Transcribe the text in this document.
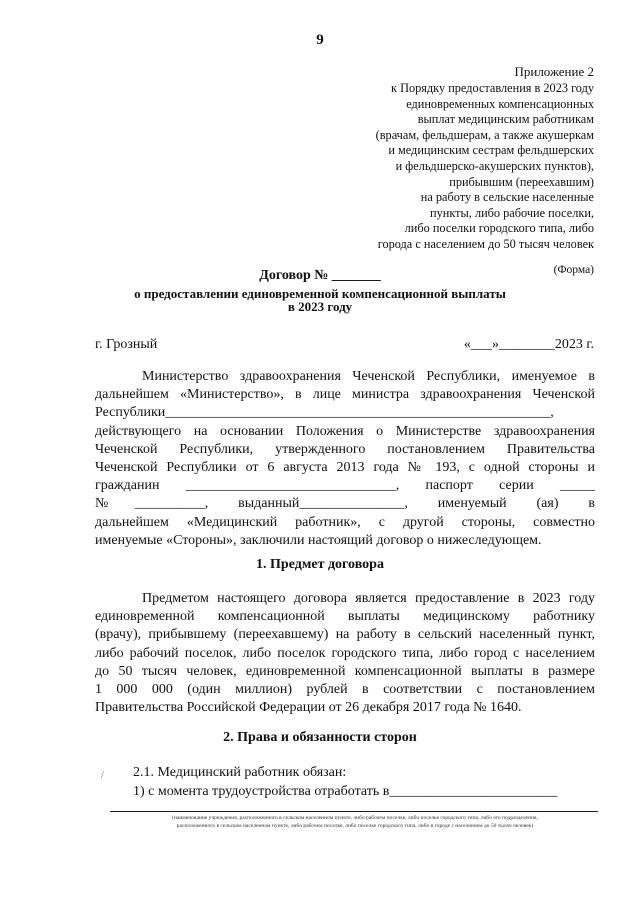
9
Приложение 2
к Порядку предоставления в 2023 году
единовременных компенсационных
выплат медицинским работникам
(врачам, фельдшерам, а также акушеркам
и медицинским сестрам фельдшерских
и фельдшерско-акушерских пунктов),
прибывшим (переехавшим)
на работу в сельские населенные
пункты, либо рабочие поселки,
либо поселки городского типа, либо
города с населением до 50 тысяч человек
(Форма)
Договор № _______
о предоставлении единовременной компенсационной выплаты
в 2023 году
г. Грозный	«___»________2023 г.
Министерство здравоохранения Чеченской Республики, именуемое в
дальнейшем «Министерство», в лице министра здравоохранения Чеченской
Республики_______________________________________________________,
действующего на основании Положения о Министерстве здравоохранения
Чеченской Республики, утвержденного постановлением Правительства
Чеченской Республики от 6 августа 2013 года № 193, с одной стороны и
гражданин ______________________________, паспорт серии _____
№__________, выданный_______________, именуемый (ая) в
дальнейшем «Медицинский работник», с другой стороны, совместно
именуемые «Стороны», заключили настоящий договор о нижеследующем.
1. Предмет договора
Предметом настоящего договора является предоставление в 2023 году
единовременной компенсационной выплаты медицинскому работнику
(врачу), прибывшему (переехавшему) на работу в сельский населенный пункт,
либо рабочий поселок, либо поселок городского типа, либо город с населением
до 50 тысяч человек, единовременной компенсационной выплаты в размере
1 000 000 (один миллион) рублей в соответствии с постановлением
Правительства Российской Федерации от 26 декабря 2017 года № 1640.
2. Права и обязанности сторон
/ 2.1. Медицинский работник обязан:
1) с момента трудоустройства отработать в________________________
(наименование учреждения, расположенного в сельском населенном пункте, либо рабочем поселке, либо поселке городского типа, либо его подразделения,
расположенного в сельском населенном пункте, либо рабочем поселке, либо поселке городского типа, либо в городе с населением до 50 тысяч человек)
